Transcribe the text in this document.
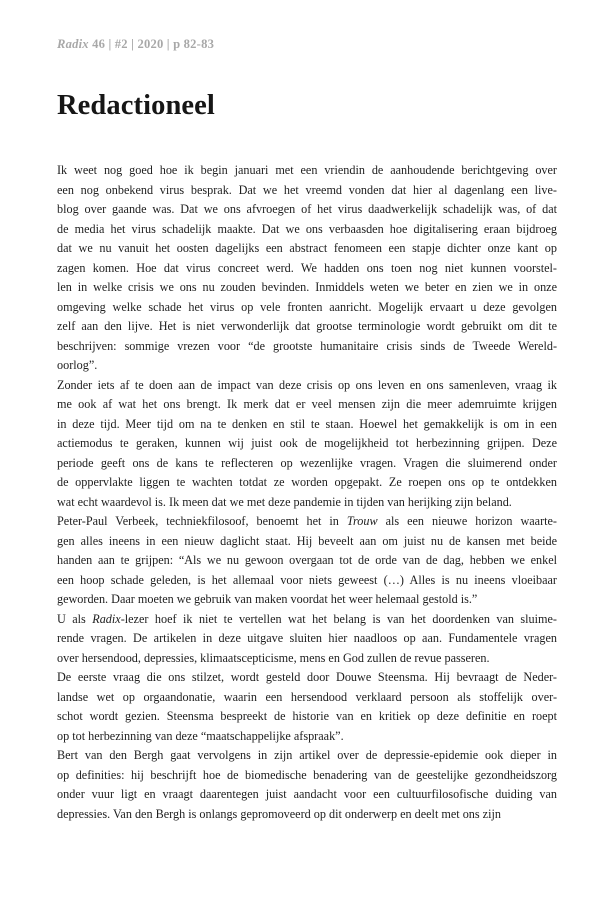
Radix 46 | #2 | 2020 | p 82-83
Redactioneel

Ik weet nog goed hoe ik begin januari met een vriendin de aanhoudende berichtgeving over
een nog onbekend virus besprak. Dat we het vreemd vonden dat hier al dagenlang een live-
blog over gaande was. Dat we ons afvroegen of het virus daadwerkelijk schadelijk was, of dat
de media het virus schadelijk maakte. Dat we ons verbaasden hoe digitalisering eraan bijdroeg
dat we nu vanuit het oosten dagelijks een abstract fenomeen een stapje dichter onze kant op
zagen komen. Hoe dat virus concreet werd. We hadden ons toen nog niet kunnen voorstel-
len in welke crisis we ons nu zouden bevinden. Inmiddels weten we beter en zien we in onze
omgeving welke schade het virus op vele fronten aanricht. Mogelijk ervaart u deze gevolgen
zelf aan den lijve. Het is niet verwonderlijk dat grootse terminologie wordt gebruikt om dit te
beschrijven: sommige vrezen voor “de grootste humanitaire crisis sinds de Tweede Wereld-
oorlog”.

Zonder iets af te doen aan de impact van deze crisis op ons leven en ons samenleven, vraag ik
me ook af wat het ons brengt. Ik merk dat er veel mensen zijn die meer ademruimte krijgen
in deze tijd. Meer tijd om na te denken en stil te staan. Hoewel het gemakkelijk is om in een
actiemodus te geraken, kunnen wij juist ook de mogelijkheid tot herbezinning grijpen. Deze
periode geeft ons de kans te reflecteren op wezenlijke vragen. Vragen die sluimerend onder
de oppervlakte liggen te wachten totdat ze worden opgepakt. Ze roepen ons op te ontdekken
wat echt waardevol is. Ik meen dat we met deze pandemie in tijden van herijking zijn beland.

Peter-Paul Verbeek, techniekfilosoof, benoemt het in Trouw als een nieuwe horizon waarte-
gen alles ineens in een nieuw daglicht staat. Hij beveelt aan om juist nu de kansen met beide
handen aan te grijpen: “Als we nu gewoon overgaan tot de orde van de dag, hebben we enkel
een hoop schade geleden, is het allemaal voor niets geweest (…) Alles is nu ineens vloeibaar
geworden. Daar moeten we gebruik van maken voordat het weer helemaal gestold is.”

U als Radix-lezer hoef ik niet te vertellen wat het belang is van het doordenken van sluime-
rende vragen. De artikelen in deze uitgave sluiten hier naadloos op aan. Fundamentele vragen
over hersendood, depressies, klimaatscepticisme, mens en God zullen de revue passeren.

De eerste vraag die ons stilzet, wordt gesteld door Douwe Steensma. Hij bevraagt de Neder-
landse wet op orgaandonatie, waarin een hersendood verklaard persoon als stoffelijk over-
schot wordt gezien. Steensma bespreekt de historie van en kritiek op deze definitie en roept
op tot herbezinning van deze “maatschappelijke afspraak”.

Bert van den Bergh gaat vervolgens in zijn artikel over de depressie-epidemie ook dieper in
op definities: hij beschrijft hoe de biomedische benadering van de geestelijke gezondheidszorg
onder vuur ligt en vraagt daarentegen juist aandacht voor een cultuurfilosofische duiding van
depressies. Van den Bergh is onlangs gepromoveerd op dit onderwerp en deelt met ons zijn
